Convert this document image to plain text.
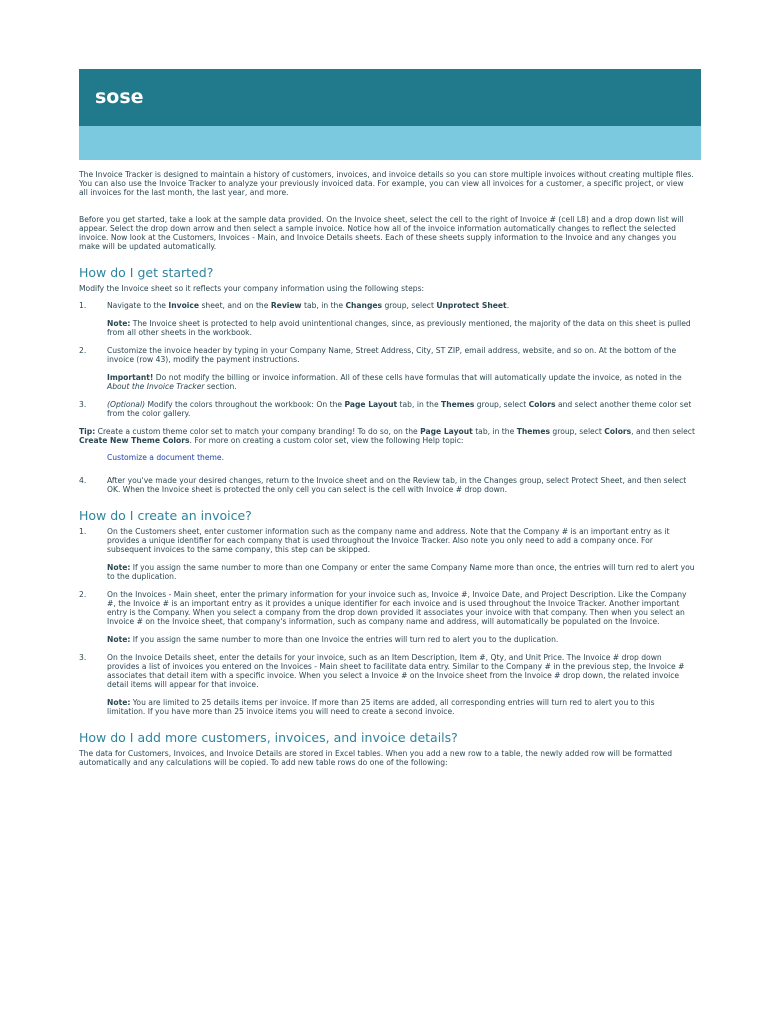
sose

The Invoice Tracker is designed to maintain a history of customers, invoices, and invoice details so you can store multiple invoices without creating multiple files. You can also use the Invoice Tracker to analyze your previously invoiced data. For example, you can view all invoices for a customer, a specific project, or view all invoices for the last month, the last year, and more.

Before you get started, take a look at the sample data provided. On the Invoice sheet, select the cell to the right of Invoice # (cell L8) and a drop down list will appear. Select the drop down arrow and then select a sample invoice. Notice how all of the invoice information automatically changes to reflect the selected invoice. Now look at the Customers, Invoices - Main, and Invoice Details sheets. Each of these sheets supply information to the Invoice and any changes you make will be updated automatically.

How do I get started?

Modify the Invoice sheet so it reflects your company information using the following steps:

1.	Navigate to the Invoice sheet, and on the Review tab, in the Changes group, select Unprotect Sheet.

Note: The Invoice sheet is protected to help avoid unintentional changes, since, as previously mentioned, the majority of the data on this sheet is pulled from all other sheets in the workbook.

2.	Customize the invoice header by typing in your Company Name, Street Address, City, ST ZIP, email address, website, and so on. At the bottom of the invoice (row 43), modify the payment instructions.

Important! Do not modify the billing or invoice information. All of these cells have formulas that will automatically update the invoice, as noted in the About the Invoice Tracker section.

3.	(Optional) Modify the colors throughout the workbook: On the Page Layout tab, in the Themes group, select Colors and select another theme color set from the color gallery.

Tip: Create a custom theme color set to match your company branding! To do so, on the Page Layout tab, in the Themes group, select Colors, and then select Create New Theme Colors. For more on creating a custom color set, view the following Help topic:

Customize a document theme.

4.	After you've made your desired changes, return to the Invoice sheet and on the Review tab, in the Changes group, select Protect Sheet, and then select OK. When the Invoice sheet is protected the only cell you can select is the cell with Invoice # drop down.
How do I create an invoice?
1.	On the Customers sheet, enter customer information such as the company name and address. Note that the Company # is an important entry as it provides a unique identifier for each company that is used throughout the Invoice Tracker. Also note you only need to add a company once. For subsequent invoices to the same company, this step can be skipped.

Note: If you assign the same number to more than one Company or enter the same Company Name more than once, the entries will turn red to alert you to the duplication.

2.	On the Invoices - Main sheet, enter the primary information for your invoice such as, Invoice #, Invoice Date, and Project Description. Like the Company #, the Invoice # is an important entry as it provides a unique identifier for each invoice and is used throughout the Invoice Tracker. Another important entry is the Company. When you select a company from the drop down provided it associates your invoice with that company. Then when you select an Invoice # on the Invoice sheet, that company's information, such as company name and address, will automatically be populated on the Invoice.

Note: If you assign the same number to more than one Invoice the entries will turn red to alert you to the duplication.

3.	On the Invoice Details sheet, enter the details for your invoice, such as an Item Description, Item #, Qty, and Unit Price. The Invoice # drop down provides a list of invoices you entered on the Invoices - Main sheet to facilitate data entry. Similar to the Company # in the previous step, the Invoice # associates that detail item with a specific invoice. When you select a Invoice # on the Invoice sheet from the Invoice # drop down, the related invoice detail items will appear for that invoice.

Note: You are limited to 25 details items per invoice. If more than 25 items are added, all corresponding entries will turn red to alert you to this limitation. If you have more than 25 invoice items you will need to create a second invoice.

How do I add more customers, invoices, and invoice details?

The data for Customers, Invoices, and Invoice Details are stored in Excel tables. When you add a new row to a table, the newly added row will be formatted automatically and any calculations will be copied. To add new table rows do one of the following:
